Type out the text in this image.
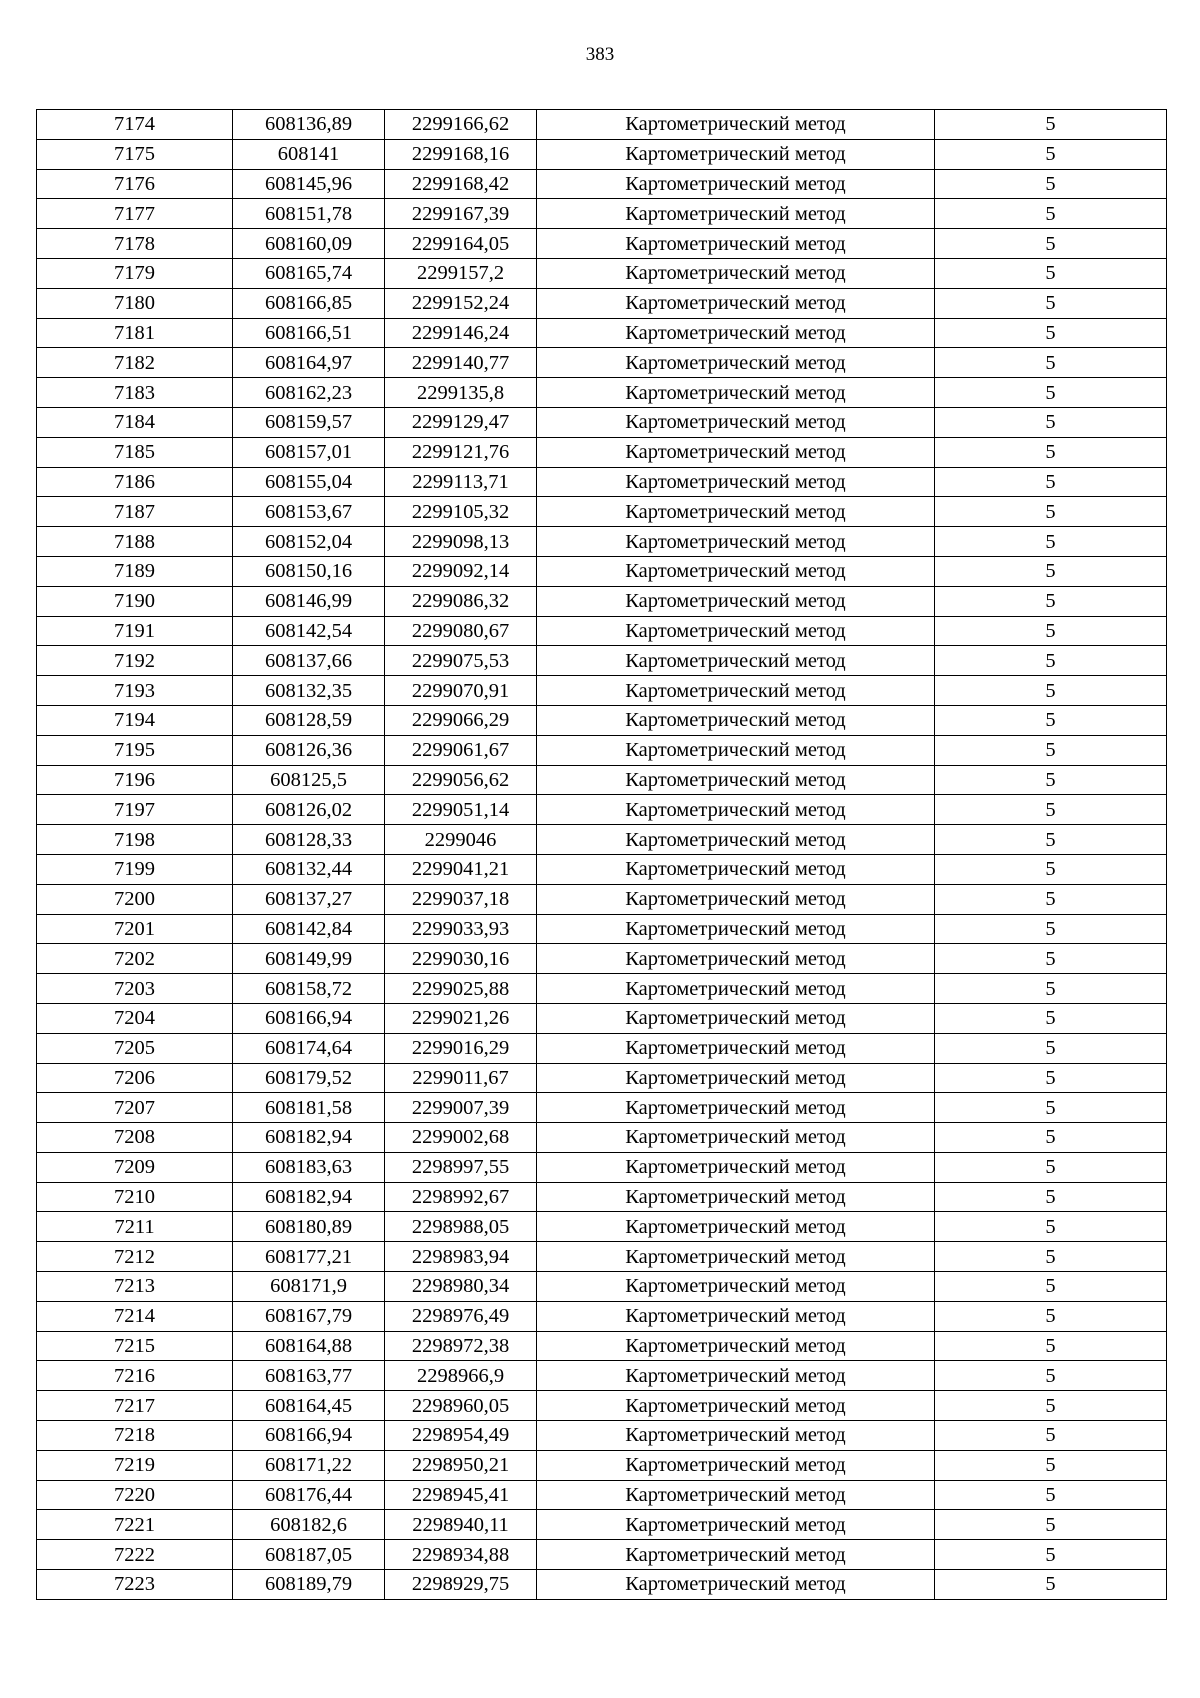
383
7174	608136,89	2299166,62	Картометрический метод	5
7175	608141	2299168,16	Картометрический метод	5
7176	608145,96	2299168,42	Картометрический метод	5
7177	608151,78	2299167,39	Картометрический метод	5
7178	608160,09	2299164,05	Картометрический метод	5
7179	608165,74	2299157,2	Картометрический метод	5
7180	608166,85	2299152,24	Картометрический метод	5
7181	608166,51	2299146,24	Картометрический метод	5
7182	608164,97	2299140,77	Картометрический метод	5
7183	608162,23	2299135,8	Картометрический метод	5
7184	608159,57	2299129,47	Картометрический метод	5
7185	608157,01	2299121,76	Картометрический метод	5
7186	608155,04	2299113,71	Картометрический метод	5
7187	608153,67	2299105,32	Картометрический метод	5
7188	608152,04	2299098,13	Картометрический метод	5
7189	608150,16	2299092,14	Картометрический метод	5
7190	608146,99	2299086,32	Картометрический метод	5
7191	608142,54	2299080,67	Картометрический метод	5
7192	608137,66	2299075,53	Картометрический метод	5
7193	608132,35	2299070,91	Картометрический метод	5
7194	608128,59	2299066,29	Картометрический метод	5
7195	608126,36	2299061,67	Картометрический метод	5
7196	608125,5	2299056,62	Картометрический метод	5
7197	608126,02	2299051,14	Картометрический метод	5
7198	608128,33	2299046	Картометрический метод	5
7199	608132,44	2299041,21	Картометрический метод	5
7200	608137,27	2299037,18	Картометрический метод	5
7201	608142,84	2299033,93	Картометрический метод	5
7202	608149,99	2299030,16	Картометрический метод	5
7203	608158,72	2299025,88	Картометрический метод	5
7204	608166,94	2299021,26	Картометрический метод	5
7205	608174,64	2299016,29	Картометрический метод	5
7206	608179,52	2299011,67	Картометрический метод	5
7207	608181,58	2299007,39	Картометрический метод	5
7208	608182,94	2299002,68	Картометрический метод	5
7209	608183,63	2298997,55	Картометрический метод	5
7210	608182,94	2298992,67	Картометрический метод	5
7211	608180,89	2298988,05	Картометрический метод	5
7212	608177,21	2298983,94	Картометрический метод	5
7213	608171,9	2298980,34	Картометрический метод	5
7214	608167,79	2298976,49	Картометрический метод	5
7215	608164,88	2298972,38	Картометрический метод	5
7216	608163,77	2298966,9	Картометрический метод	5
7217	608164,45	2298960,05	Картометрический метод	5
7218	608166,94	2298954,49	Картометрический метод	5
7219	608171,22	2298950,21	Картометрический метод	5
7220	608176,44	2298945,41	Картометрический метод	5
7221	608182,6	2298940,11	Картометрический метод	5
7222	608187,05	2298934,88	Картометрический метод	5
7223	608189,79	2298929,75	Картометрический метод	5
